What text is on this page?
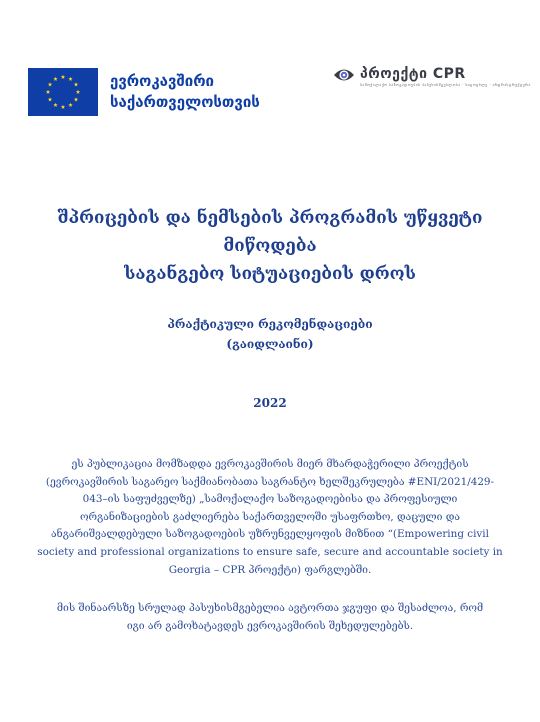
ევროკავშირი
საქართველოსთვის
პროექტი CPR
სამოქალაქო საზოგადოების პასუხისმგებლობა · სიცოცხლე · ინფრასტრუქტურა
შპრიცების და ნემსების პროგრამის უწყვეტი მიწოდება
საგანგებო სიტუაციების დროს
პრაქტიკული რეკომენდაციები
(გაიდლაინი)
2022
ეს პუბლიკაცია მომზადდა ევროკავშირის მიერ მხარდაჭერილი პროექტის
(ევროკავშირის საგარეო საქმიანობათა საგრანტო ხელშეკრულება #ENI/2021/429-
043–ის საფუძველზე) „სამოქალაქო საზოგადოებისა და პროფესიული
ორგანიზაციების გაძლიერება საქართველოში უსაფრთხო, დაცული და
ანგარიშვალდებული საზოგადოების უზრუნველყოფის მიზნით “(Empowering civil
society and professional organizations to ensure safe, secure and accountable society in
Georgia – CPR პროექტი) ფარგლებში.
მის შინაარსზე სრულად პასუხისმგებელია ავტორთა ჯგუფი და შესაძლოა, რომ
იგი არ გამოხატავდეს ევროკავშირის შეხედულებებს.
